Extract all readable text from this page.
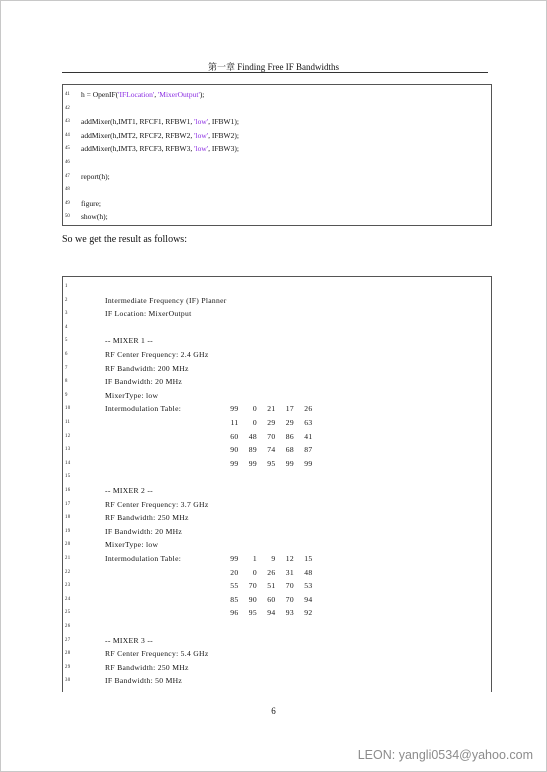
第一章 Finding Free IF Bandwidths
41	h = OpenIF('IFLocation', 'MixerOutput');
42
43	addMixer(h,IMT1, RFCF1, RFBW1, 'low', IFBW1);
44	addMixer(h,IMT2, RFCF2, RFBW2, 'low', IFBW2);
45	addMixer(h,IMT3, RFCF3, RFBW3, 'low', IFBW3);
46
47	report(h);
48
49	figure;
50	show(h);
So we get the result as follows:
1
2	Intermediate Frequency (IF) Planner
3	IF Location: MixerOutput
4
5	-- MIXER 1 --
6	RF Center Frequency: 2.4 GHz
7	RF Bandwidth: 200 MHz
8	IF Bandwidth: 20 MHz
9	MixerType: low
10	Intermodulation Table:	99 0 21 17 26
11	11 0 29 29 63
12	60 48 70 86 41
13	90 89 74 68 87
14	99 99 95 99 99
15
16	-- MIXER 2 --
17	RF Center Frequency: 3.7 GHz
18	RF Bandwidth: 250 MHz
19	IF Bandwidth: 20 MHz
20	MixerType: low
21	Intermodulation Table:	99 1 9 12 15
22	20 0 26 31 48
23	55 70 51 70 53
24	85 90 60 70 94
25	96 95 94 93 92
26
27	-- MIXER 3 --
28	RF Center Frequency: 5.4 GHz
29	RF Bandwidth: 250 MHz
30	IF Bandwidth: 50 MHz
6
LEON: yangli0534@yahoo.com
